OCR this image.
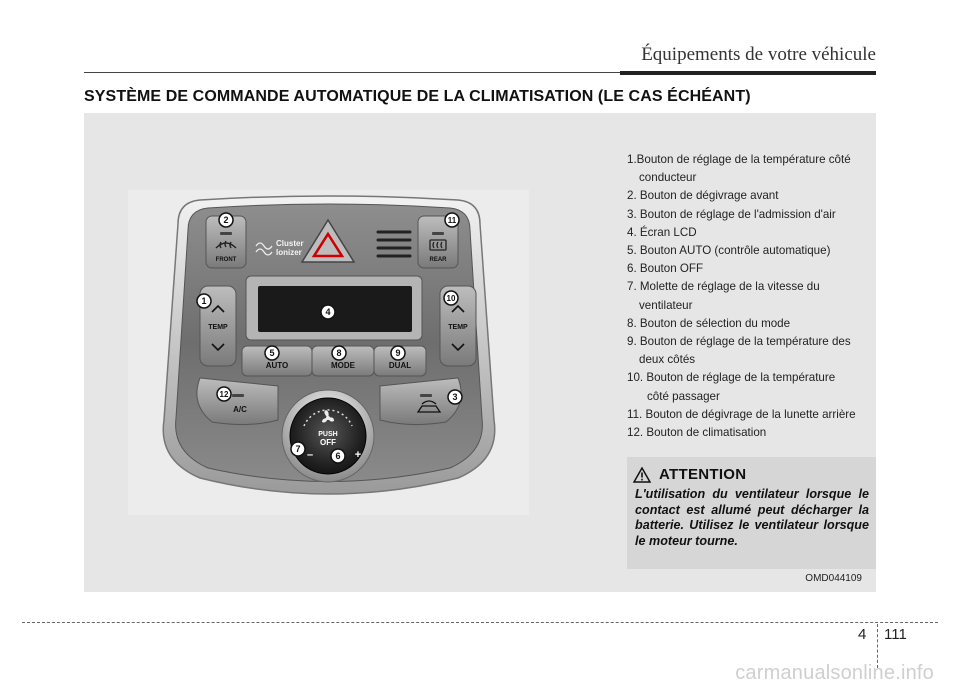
Équipements de votre véhicule
SYSTÈME DE COMMANDE AUTOMATIQUE DE LA CLIMATISATION (LE CAS ÉCHÉANT)
OMD044109
FRONT	REAR
Cluster
Ionizer
TEMP	TEMP
AUTO	MODE	DUAL
A/C
PUSH
OFF
–	+
2	11
1	10
4
5	8	9
12	3
7
6
1.Bouton de réglage de la température côté
conducteur
2. Bouton de dégivrage avant
3. Bouton de réglage de l'admission d'air
4. Écran LCD
5. Bouton AUTO (contrôle automatique)
6. Bouton OFF
7. Molette de réglage de la vitesse du
ventilateur
8. Bouton de sélection du mode
9. Bouton de réglage de la température des
deux côtés
10. Bouton de réglage de la température
côté passager
11. Bouton de dégivrage de la lunette arrière
12. Bouton de climatisation
ATTENTION
L'utilisation du ventilateur lorsque le contact est allumé peut décharger la batterie. Utilisez le ventilateur lorsque le moteur tourne.
4 111
carmanualsonline.info
